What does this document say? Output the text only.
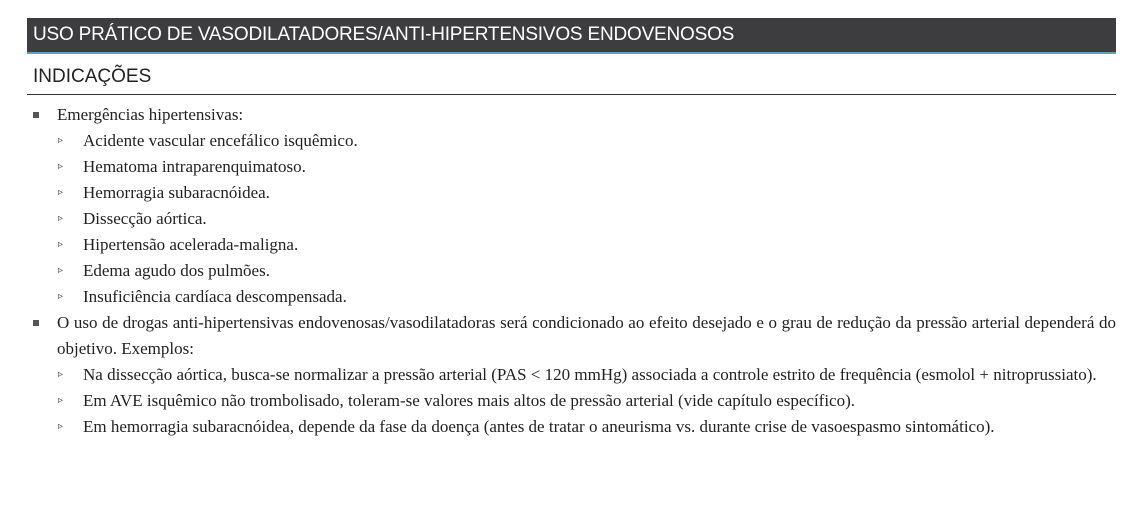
USO PRÁTICO DE VASODILATADORES/ANTI-HIPERTENSIVOS ENDOVENOSOS
INDICAÇÕES
Emergências hipertensivas:
▹ Acidente vascular encefálico isquêmico.
▹ Hematoma intraparenquimatoso.
▹ Hemorragia subaracnóidea.
▹ Dissecção aórtica.
▹ Hipertensão acelerada-maligna.
▹ Edema agudo dos pulmões.
▹ Insuficiência cardíaca descompensada.
O uso de drogas anti-hipertensivas endovenosas/vasodilatadoras será condicionado ao efeito desejado e o grau de redução da pressão arterial dependerá do objetivo. Exemplos:
▹ Na dissecção aórtica, busca-se normalizar a pressão arterial (PAS < 120 mmHg) associada a controle estrito de frequência (esmolol + nitroprussiato).
▹ Em AVE isquêmico não trombolisado, toleram-se valores mais altos de pressão arterial (vide capítulo específico).
▹ Em hemorragia subaracnóidea, depende da fase da doença (antes de tratar o aneurisma vs. durante crise de vasoespasmo sintomático).
